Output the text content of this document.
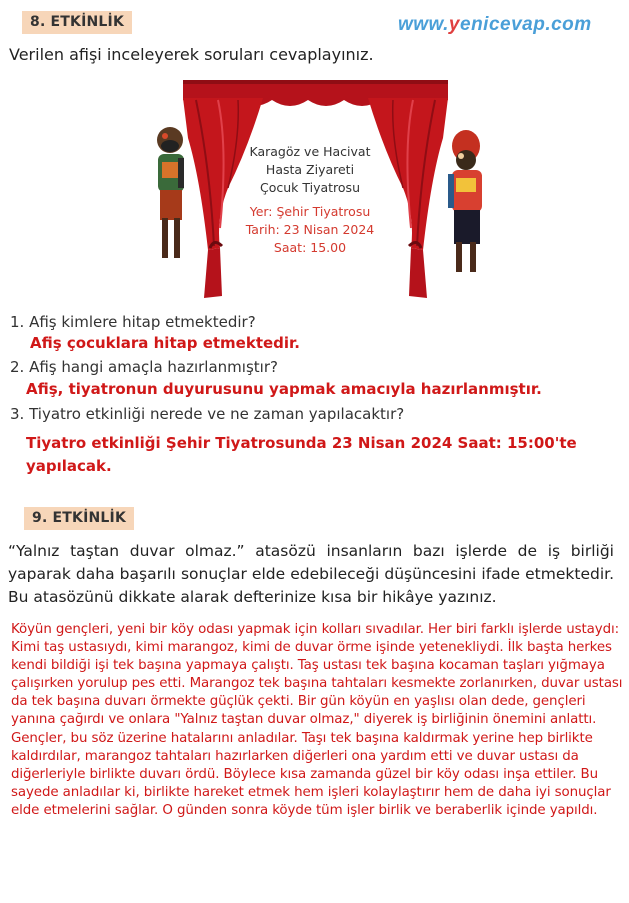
8. ETKİNLİK	www.yenicevap.com
Verilen afişi inceleyerek soruları cevaplayınız.
Karagöz ve Hacivat
Hasta Ziyareti
Çocuk Tiyatrosu
Yer: Şehir Tiyatrosu
Tarih: 23 Nisan 2024
Saat: 15.00
1. Afiş kimlere hitap etmektedir?
Afiş çocuklara hitap etmektedir.
2. Afiş hangi amaçla hazırlanmıştır?
Afiş, tiyatronun duyurusunu yapmak amacıyla hazırlanmıştır.
3. Tiyatro etkinliği nerede ve ne zaman yapılacaktır?
Tiyatro etkinliği Şehir Tiyatrosunda 23 Nisan 2024 Saat: 15:00'te yapılacak.
9. ETKİNLİK
“Yalnız taştan duvar olmaz.” atasözü insanların bazı işlerde de iş birliği yaparak daha başarılı sonuçlar elde edebileceği düşüncesini ifade etmektedir. Bu atasözünü dikkate alarak defterinize kısa bir hikâye yazınız.
Köyün gençleri, yeni bir köy odası yapmak için kolları sıvadılar. Her biri farklı işlerde ustaydı: Kimi taş ustasıydı, kimi marangoz, kimi de duvar örme işinde yetenekliydi. İlk başta herkes kendi bildiği işi tek başına yapmaya çalıştı. Taş ustası tek başına kocaman taşları yığmaya çalışırken yorulup pes etti. Marangoz tek başına tahtaları kesmekte zorlanırken, duvar ustası da tek başına duvarı örmekte güçlük çekti. Bir gün köyün en yaşlısı olan dede, gençleri yanına çağırdı ve onlara "Yalnız taştan duvar olmaz," diyerek iş birliğinin önemini anlattı. Gençler, bu söz üzerine hatalarını anladılar. Taşı tek başına kaldırmak yerine hep birlikte kaldırdılar, marangoz tahtaları hazırlarken diğerleri ona yardım etti ve duvar ustası da diğerleriyle birlikte duvarı ördü. Böylece kısa zamanda güzel bir köy odası inşa ettiler. Bu sayede anladılar ki, birlikte hareket etmek hem işleri kolaylaştırır hem de daha iyi sonuçlar elde etmelerini sağlar. O günden sonra köyde tüm işler birlik ve beraberlik içinde yapıldı.
